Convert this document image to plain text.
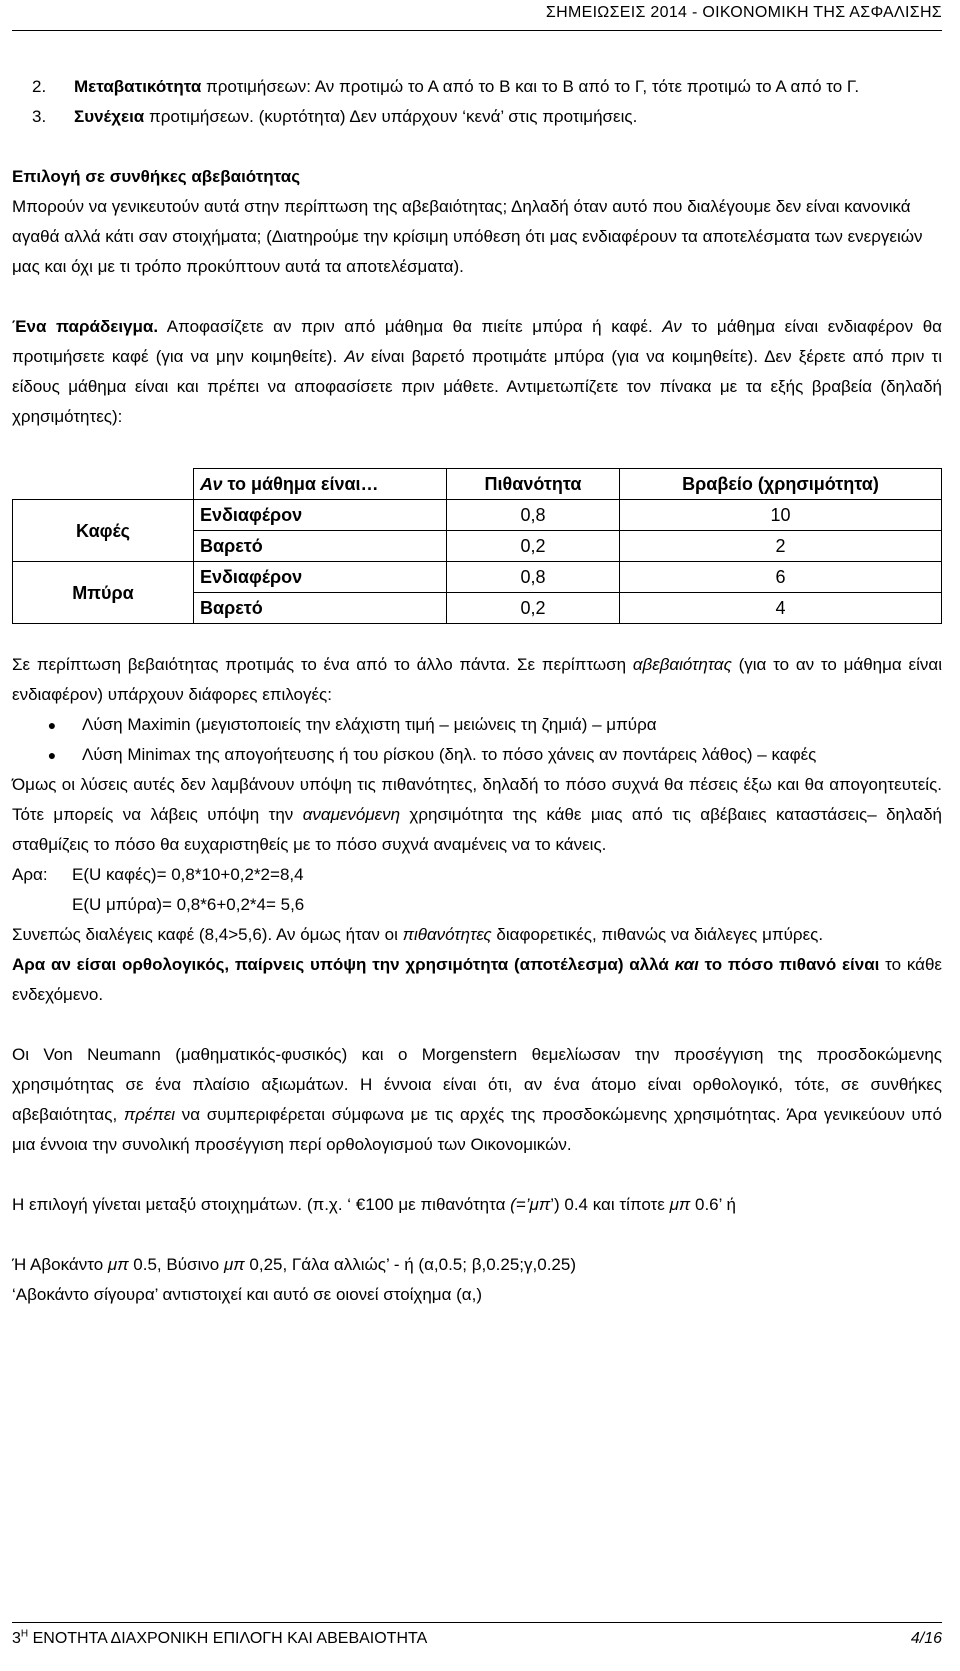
ΣΗΜΕΙΩΣΕΙΣ 2014 - ΟΙΚΟΝΟΜΙΚΗ ΤΗΣ ΑΣΦΑΛΙΣΗΣ
2.	Μεταβατικότητα προτιμήσεων: Αν προτιμώ το Α από το Β και το Β από το Γ, τότε προτιμώ το Α από το Γ.
3.	Συνέχεια προτιμήσεων. (κυρτότητα) Δεν υπάρχουν ‘κενά’ στις προτιμήσεις.

Επιλογή σε συνθήκες αβεβαιότητας

Μπορούν να γενικευτούν αυτά στην περίπτωση της αβεβαιότητας; Δηλαδή όταν αυτό που διαλέγουμε δεν είναι κανονικά αγαθά αλλά κάτι σαν στοιχήματα; (Διατηρούμε την κρίσιμη υπόθεση ότι μας ενδιαφέρουν τα αποτελέσματα των ενεργειών μας και όχι με τι τρόπο προκύπτουν αυτά τα αποτελέσματα).

Ένα παράδειγμα. Αποφασίζετε αν πριν από μάθημα θα πιείτε μπύρα ή καφέ. Αν το μάθημα είναι ενδιαφέρον θα προτιμήσετε καφέ (για να μην κοιμηθείτε). Αν είναι βαρετό προτιμάτε μπύρα (για να κοιμηθείτε). Δεν ξέρετε από πριν τι είδους μάθημα είναι και πρέπει να αποφασίσετε πριν μάθετε. Αντιμετωπίζετε τον πίνακα με τα εξής βραβεία (δηλαδή χρησιμότητες):

	Αν το μάθημα είναι…	Πιθανότητα	Βραβείο (χρησιμότητα)
Καφές	Ενδιαφέρον	0,8	10
	Βαρετό	0,2	2
Μπύρα	Ενδιαφέρον	0,8	6
	Βαρετό	0,2	4

Σε περίπτωση βεβαιότητας προτιμάς το ένα από το άλλο πάντα. Σε περίπτωση αβεβαιότητας (για το αν το μάθημα είναι ενδιαφέρον) υπάρχουν διάφορες επιλογές:

●	Λύση Maximin (μεγιστοποιείς την ελάχιστη τιμή – μειώνεις τη ζημιά) – μπύρα
●	Λύση Minimax της απογοήτευσης ή του ρίσκου (δηλ. το πόσο χάνεις αν ποντάρεις λάθος) – καφές

Όμως οι λύσεις αυτές δεν λαμβάνουν υπόψη τις πιθανότητες, δηλαδή το πόσο συχνά θα πέσεις έξω και θα απογοητευτείς. Τότε μπορείς να λάβεις υπόψη την αναμενόμενη χρησιμότητα της κάθε μιας από τις αβέβαιες καταστάσεις– δηλαδή σταθμίζεις το πόσο θα ευχαριστηθείς με το πόσο συχνά αναμένεις να το κάνεις.

Αρα:	E(U καφές)= 0,8*10+0,2*2=8,4
E(U μπύρα)= 0,8*6+0,2*4= 5,6

Συνεπώς διαλέγεις καφέ (8,4>5,6). Αν όμως ήταν οι πιθανότητες διαφορετικές, πιθανώς να διάλεγες μπύρες.

Αρα αν είσαι ορθολογικός, παίρνεις υπόψη την χρησιμότητα (αποτέλεσμα) αλλά και το πόσο πιθανό είναι το κάθε ενδεχόμενο.

Οι Von Neumann (μαθηματικός-φυσικός) και ο Morgenstern θεμελίωσαν την προσέγγιση της προσδοκώμενης χρησιμότητας σε ένα πλαίσιο αξιωμάτων. Η έννοια είναι ότι, αν ένα άτομο είναι ορθολογικό, τότε, σε συνθήκες αβεβαιότητας, πρέπει να συμπεριφέρεται σύμφωνα με τις αρχές της προσδοκώμενης χρησιμότητας. Άρα γενικεύουν υπό μια έννοια την συνολική προσέγγιση περί ορθολογισμού των Οικονομικών.

Η επιλογή γίνεται μεταξύ στοιχημάτων. (π.χ. ‘ €100 με πιθανότητα (=’μπ’) 0.4 και τίποτε μπ 0.6’ ή

Ή Αβοκάντο μπ 0.5, Βύσινο μπ 0,25, Γάλα αλλιώς’ - ή (α,0.5; β,0.25;γ,0.25)

‘Αβοκάντο σίγουρα’ αντιστοιχεί και αυτό σε οιονεί στοίχημα (α,)

$3^H$ ΕΝΟΤΗΤΑ ΔΙΑΧΡΟΝΙΚΗ ΕΠΙΛΟΓΗ ΚΑΙ ΑΒΕΒΑΙΟΤΗΤΑ	4/16
